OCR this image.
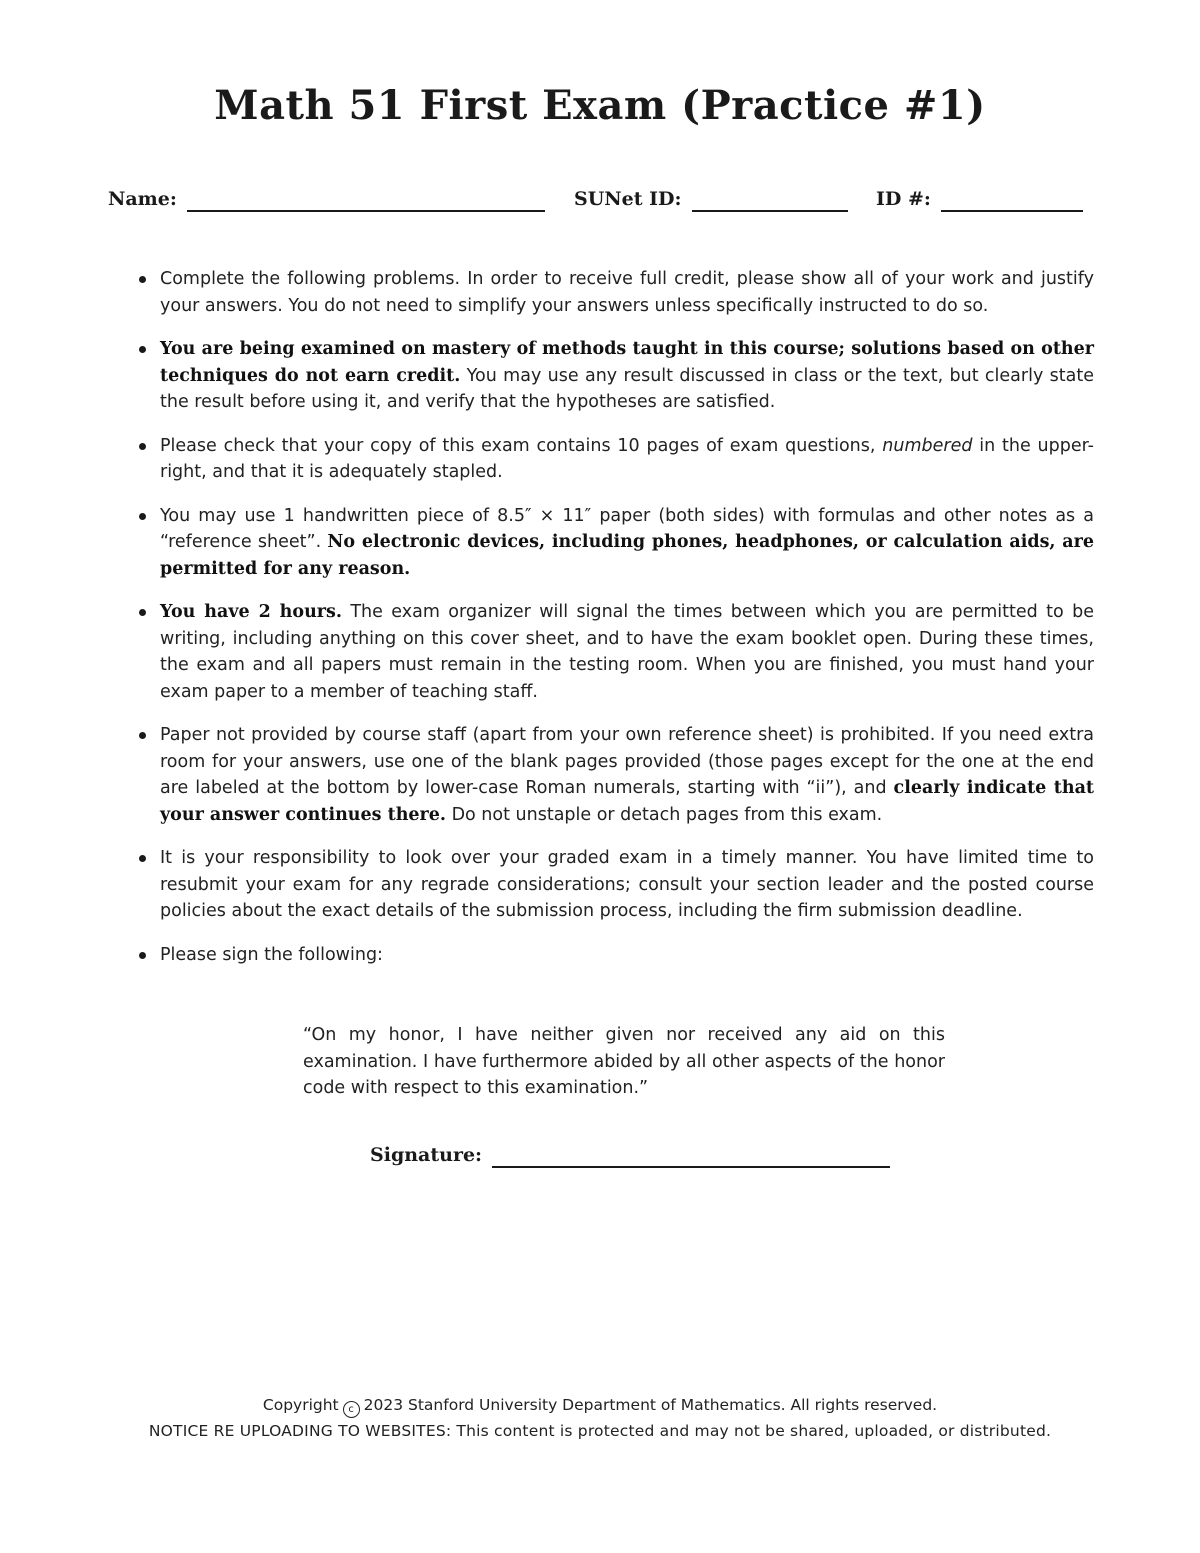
Math 51 First Exam (Practice #1)
Name:	SUNet ID:	ID #:
Complete the following problems. In order to receive full credit, please show all of your work and justify your answers. You do not need to simplify your answers unless specifically instructed to do so.
You are being examined on mastery of methods taught in this course; solutions based on other techniques do not earn credit. You may use any result discussed in class or the text, but clearly state the result before using it, and verify that the hypotheses are satisfied.
Please check that your copy of this exam contains 10 pages of exam questions, numbered in the upper-right, and that it is adequately stapled.
You may use 1 handwritten piece of 8.5″ × 11″ paper (both sides) with formulas and other notes as a “reference sheet”. No electronic devices, including phones, headphones, or calculation aids, are permitted for any reason.
You have 2 hours. The exam organizer will signal the times between which you are permitted to be writing, including anything on this cover sheet, and to have the exam booklet open. During these times, the exam and all papers must remain in the testing room. When you are finished, you must hand your exam paper to a member of teaching staff.
Paper not provided by course staff (apart from your own reference sheet) is prohibited. If you need extra room for your answers, use one of the blank pages provided (those pages except for the one at the end are labeled at the bottom by lower-case Roman numerals, starting with “ii”), and clearly indicate that your answer continues there. Do not unstaple or detach pages from this exam.
It is your responsibility to look over your graded exam in a timely manner. You have limited time to resubmit your exam for any regrade considerations; consult your section leader and the posted course policies about the exact details of the submission process, including the firm submission deadline.
Please sign the following:
“On my honor, I have neither given nor received any aid on this examination. I have furthermore abided by all other aspects of the honor code with respect to this examination.”
Signature:
Copyright c 2023 Stanford University Department of Mathematics. All rights reserved.
NOTICE RE UPLOADING TO WEBSITES: This content is protected and may not be shared, uploaded, or distributed.
